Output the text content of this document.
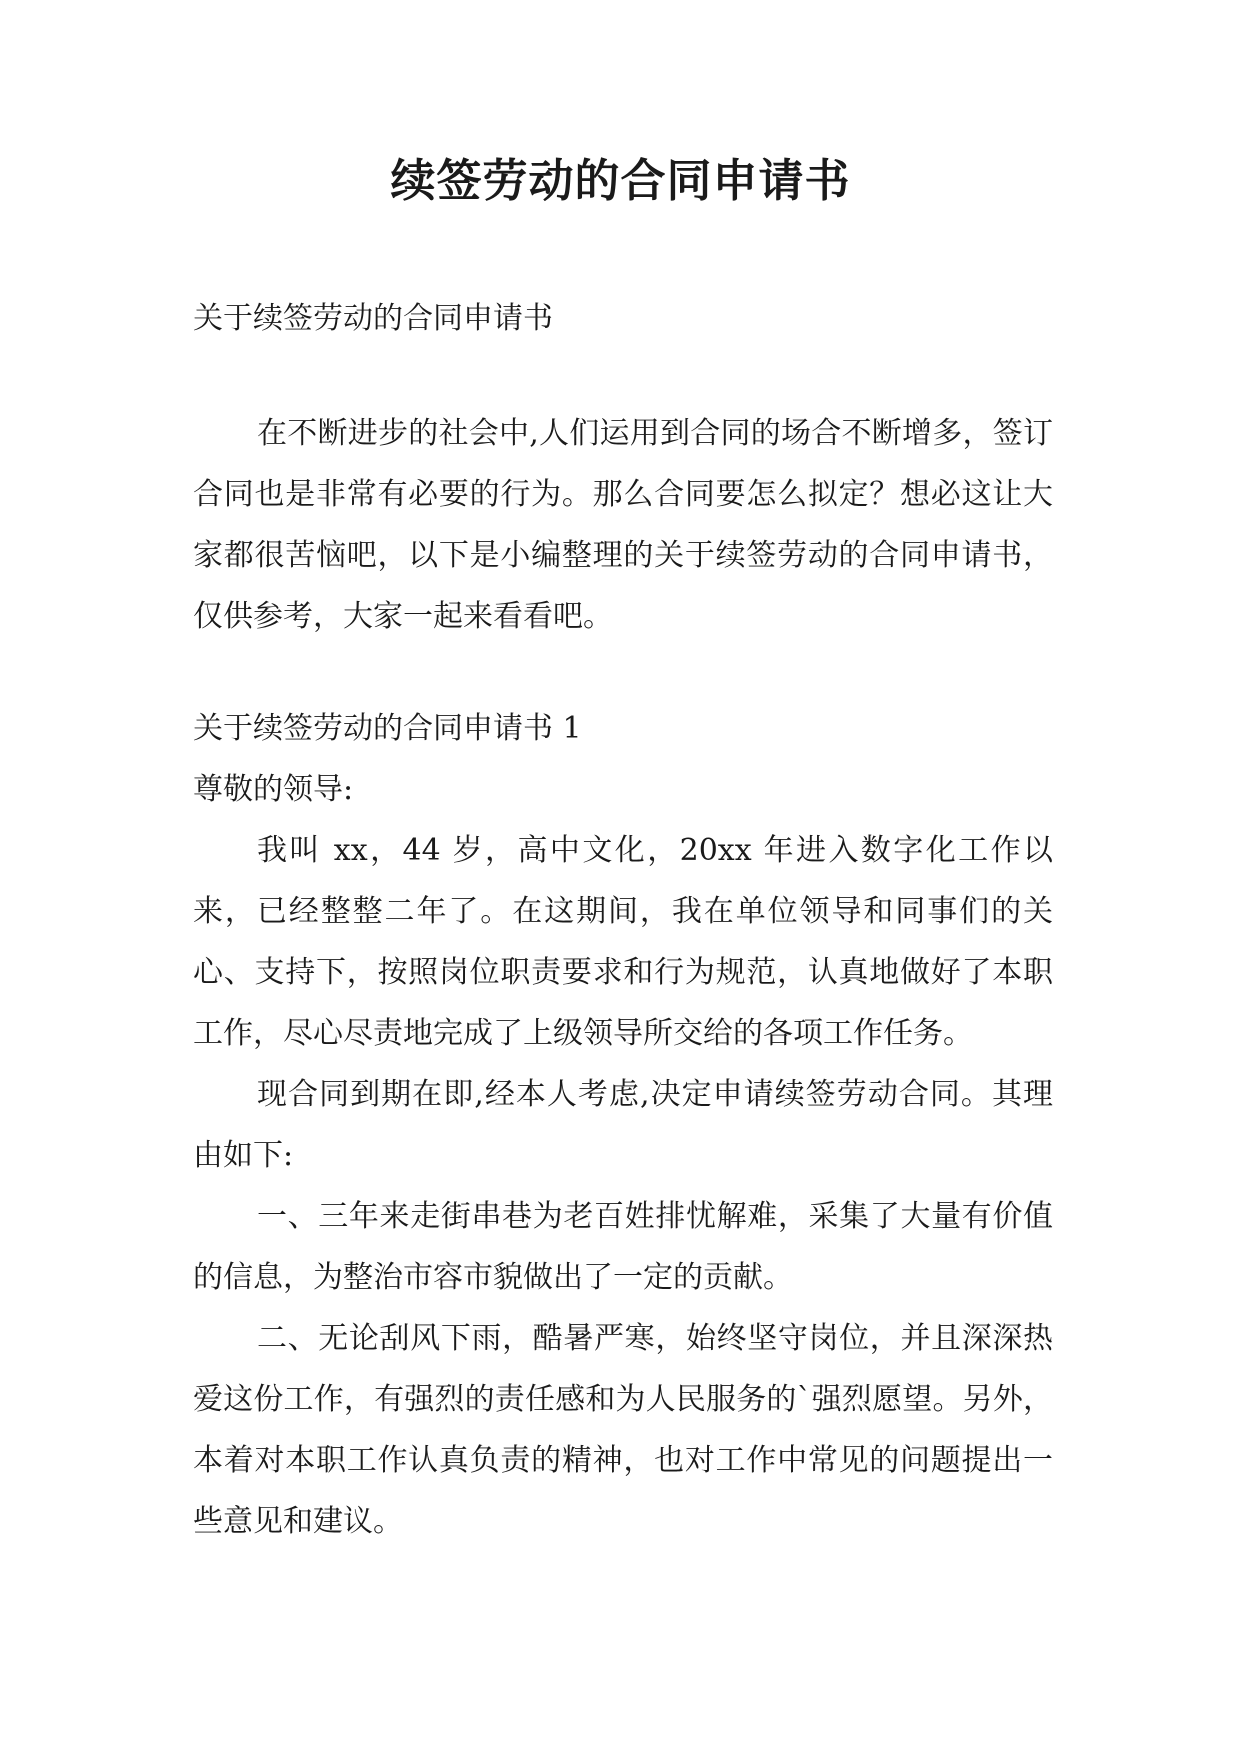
续签劳动的合同申请书
关于续签劳动的合同申请书
在不断进步的社会中,人们运用到合同的场合不断增多，签订合同也是非常有必要的行为。那么合同要怎么拟定？想必这让大家都很苦恼吧，以下是小编整理的关于续签劳动的合同申请书，仅供参考，大家一起来看看吧。
关于续签劳动的合同申请书 1
尊敬的领导:

我叫 xx，44 岁，高中文化，20xx 年进入数字化工作以来，已经整整二年了。在这期间，我在单位领导和同事们的关心、支持下，按照岗位职责要求和行为规范，认真地做好了本职工作，尽心尽责地完成了上级领导所交给的各项工作任务。

现合同到期在即,经本人考虑,决定申请续签劳动合同。其理由如下:

一、三年来走街串巷为老百姓排忧解难，采集了大量有价值的信息，为整治市容市貌做出了一定的贡献。

二、无论刮风下雨，酷暑严寒，始终坚守岗位，并且深深热爱这份工作，有强烈的责任感和为人民服务的`强烈愿望。另外，本着对本职工作认真负责的精神，也对工作中常见的问题提出一些意见和建议。
